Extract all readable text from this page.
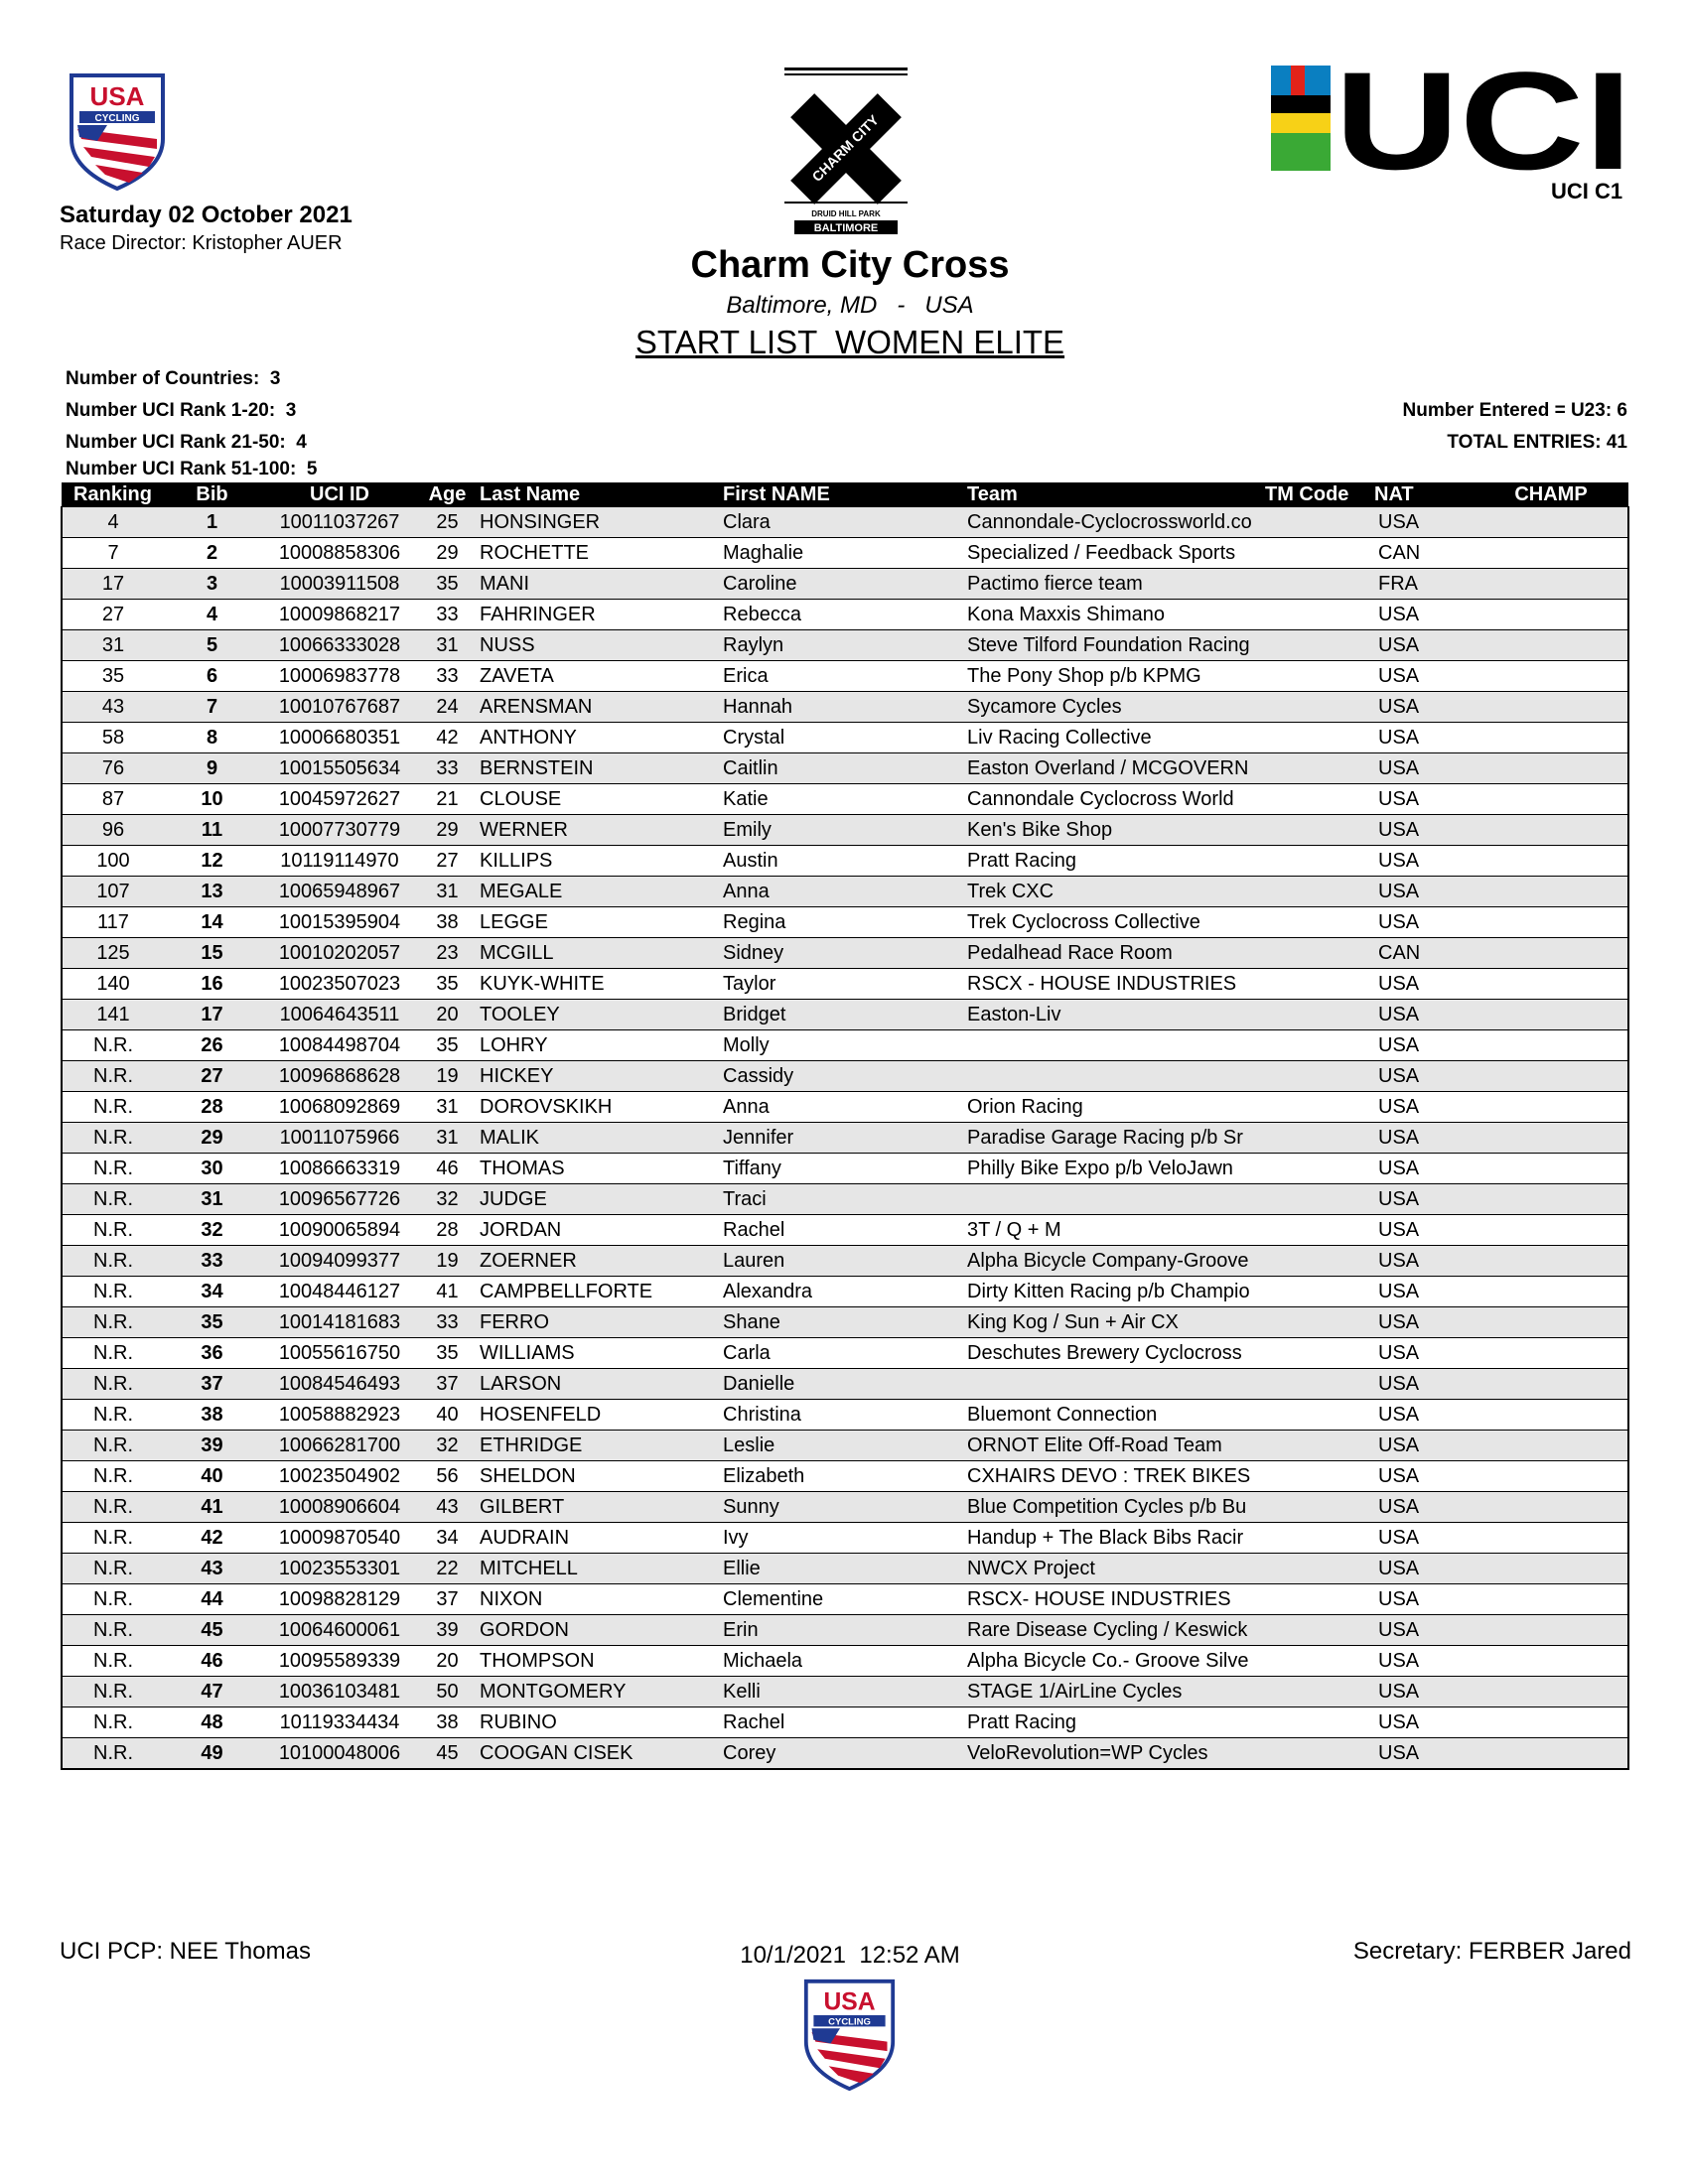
USA
CYCLING	CHARM CITY
DRUID HILL PARK
BALTIMORE
UCI
Saturday 02 October 2021
Race Director: Kristopher AUER
UCI C1
Charm City Cross
Baltimore, MD   -   USA
START LIST  WOMEN ELITE
Number of Countries:  3
Number UCI Rank 1-20:  3
Number UCI Rank 21-50:  4
Number UCI Rank 51-100:  5
Number Entered = U23: 6
TOTAL ENTRIES: 41
Ranking	Bib	UCI ID	Age	Last Name	First NAME	Team	TM Code	NAT	CHAMP
4	1	10011037267	25	HONSINGER	Clara	Cannondale-Cyclocrossworld.co		USA	
7	2	10008858306	29	ROCHETTE	Maghalie	Specialized / Feedback Sports		CAN	
17	3	10003911508	35	MANI	Caroline	Pactimo fierce team		FRA	
27	4	10009868217	33	FAHRINGER	Rebecca	Kona Maxxis Shimano		USA	
31	5	10066333028	31	NUSS	Raylyn	Steve Tilford Foundation Racing		USA	
35	6	10006983778	33	ZAVETA	Erica	The Pony Shop p/b KPMG		USA	
43	7	10010767687	24	ARENSMAN	Hannah	Sycamore Cycles		USA	
58	8	10006680351	42	ANTHONY	Crystal	Liv Racing Collective		USA	
76	9	10015505634	33	BERNSTEIN	Caitlin	Easton Overland / MCGOVERN		USA	
87	10	10045972627	21	CLOUSE	Katie	Cannondale Cyclocross World		USA	
96	11	10007730779	29	WERNER	Emily	Ken's Bike Shop		USA	
100	12	10119114970	27	KILLIPS	Austin	Pratt Racing		USA	
107	13	10065948967	31	MEGALE	Anna	Trek CXC		USA	
117	14	10015395904	38	LEGGE	Regina	Trek Cyclocross Collective		USA	
125	15	10010202057	23	MCGILL	Sidney	Pedalhead Race Room		CAN	
140	16	10023507023	35	KUYK-WHITE	Taylor	RSCX - HOUSE INDUSTRIES		USA	
141	17	10064643511	20	TOOLEY	Bridget	Easton-Liv		USA	
N.R.	26	10084498704	35	LOHRY	Molly			USA	
N.R.	27	10096868628	19	HICKEY	Cassidy			USA	
N.R.	28	10068092869	31	DOROVSKIKH	Anna	Orion Racing		USA	
N.R.	29	10011075966	31	MALIK	Jennifer	Paradise Garage Racing p/b Sr		USA	
N.R.	30	10086663319	46	THOMAS	Tiffany	Philly Bike Expo p/b VeloJawn		USA	
N.R.	31	10096567726	32	JUDGE	Traci			USA	
N.R.	32	10090065894	28	JORDAN	Rachel	3T / Q + M		USA	
N.R.	33	10094099377	19	ZOERNER	Lauren	Alpha Bicycle Company-Groove		USA	
N.R.	34	10048446127	41	CAMPBELLFORTE	Alexandra	Dirty Kitten Racing p/b Champio		USA	
N.R.	35	10014181683	33	FERRO	Shane	King Kog / Sun + Air CX		USA	
N.R.	36	10055616750	35	WILLIAMS	Carla	Deschutes Brewery Cyclocross		USA	
N.R.	37	10084546493	37	LARSON	Danielle			USA	
N.R.	38	10058882923	40	HOSENFELD	Christina	Bluemont Connection		USA	
N.R.	39	10066281700	32	ETHRIDGE	Leslie	ORNOT Elite Off-Road Team		USA	
N.R.	40	10023504902	56	SHELDON	Elizabeth	CXHAIRS DEVO : TREK BIKES		USA	
N.R.	41	10008906604	43	GILBERT	Sunny	Blue Competition Cycles p/b Bu		USA	
N.R.	42	10009870540	34	AUDRAIN	Ivy	Handup + The Black Bibs Racir		USA	
N.R.	43	10023553301	22	MITCHELL	Ellie	NWCX Project		USA	
N.R.	44	10098828129	37	NIXON	Clementine	RSCX- HOUSE INDUSTRIES		USA	
N.R.	45	10064600061	39	GORDON	Erin	Rare Disease Cycling / Keswick		USA	
N.R.	46	10095589339	20	THOMPSON	Michaela	Alpha Bicycle Co.- Groove Silve		USA	
N.R.	47	10036103481	50	MONTGOMERY	Kelli	STAGE 1/AirLine Cycles		USA	
N.R.	48	10119334434	38	RUBINO	Rachel	Pratt Racing		USA	
N.R.	49	10100048006	45	COOGAN CISEK	Corey	VeloRevolution=WP Cycles		USA	
UCI PCP: NEE Thomas	10/1/2021  12:52 AM	Secretary: FERBER Jared
USA
CYCLING
